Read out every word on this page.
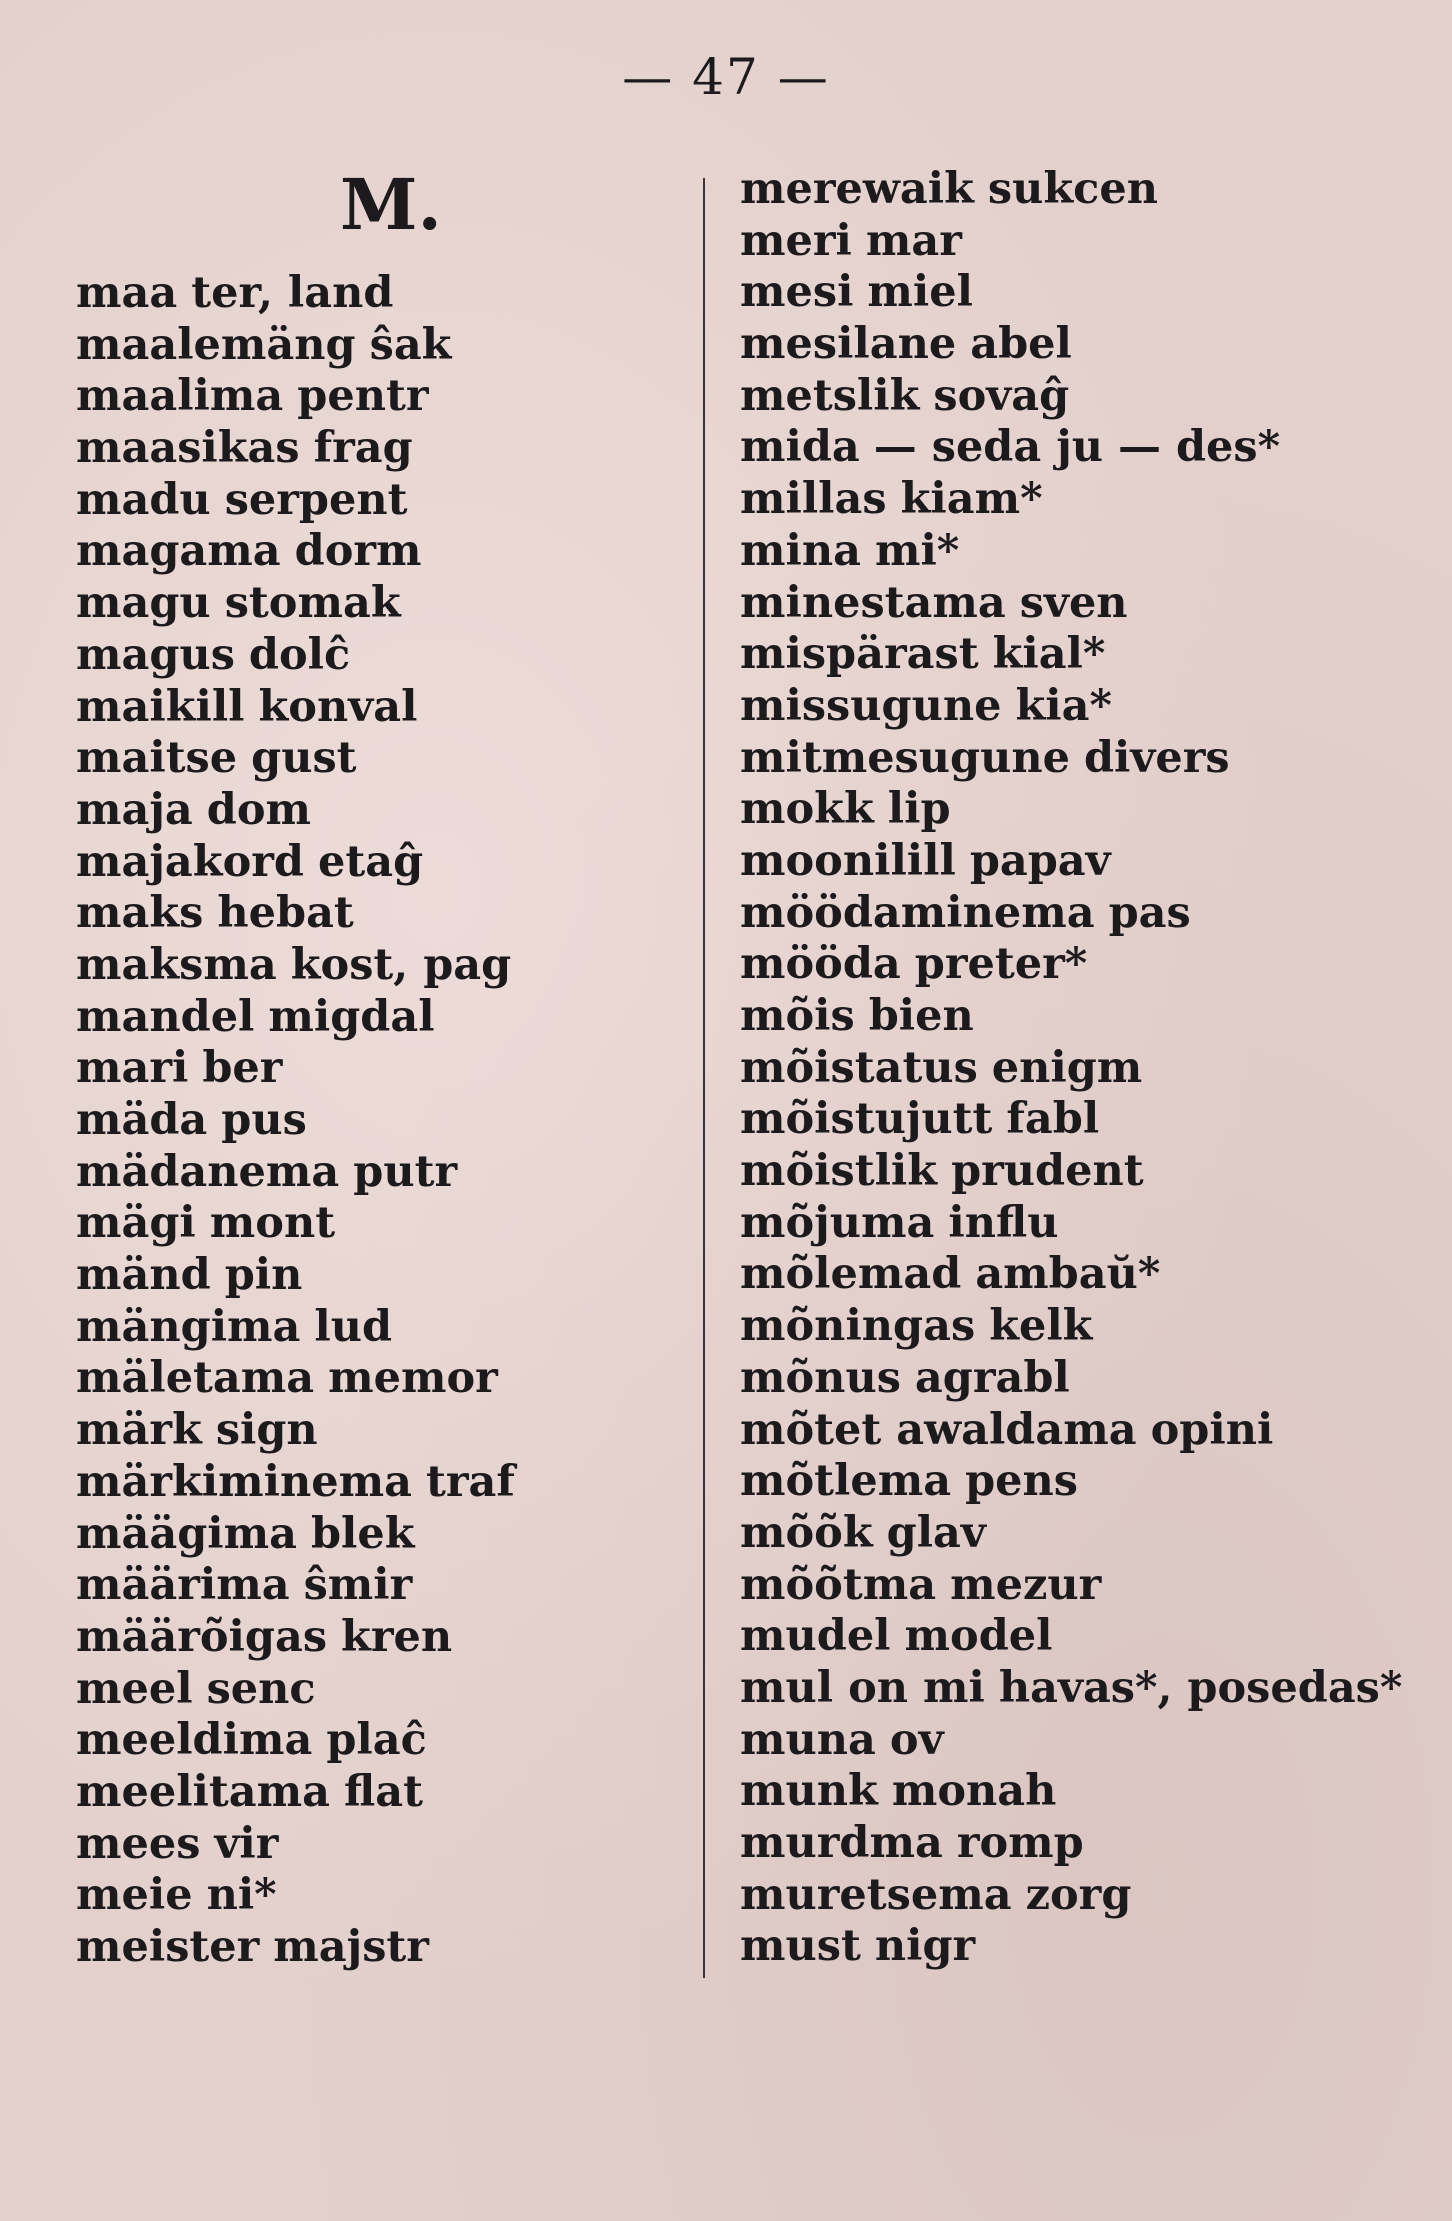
— 47 —
M.
maa ter, land
maalemäng ŝak
maalima pentr
maasikas frag
madu serpent
magama dorm
magu stomak
magus dolĉ
maikill konval
maitse gust
maja dom
majakord etaĝ
maks hebat
maksma kost, pag
mandel migdal
mari ber
mäda pus
mädanema putr
mägi mont
mänd pin
mängima lud
mäletama memor
märk sign
märkiminema traf
määgima blek
määrima ŝmir
määrõigas kren
meel senc
meeldima plaĉ
meelitama flat
mees vir
meie ni*
meister majstr
merewaik sukcen
meri mar
mesi miel
mesilane abel
metslik sovaĝ
mida — seda ju — des*
millas kiam*
mina mi*
minestama sven
mispärast kial*
missugune kia*
mitmesugune divers
mokk lip
moonilill papav
möödaminema pas
mööda preter*
mõis bien
mõistatus enigm
mõistujutt fabl
mõistlik prudent
mõjuma influ
mõlemad ambaŭ*
mõningas kelk
mõnus agrabl
mõtet awaldama opini
mõtlema pens
mõõk glav
mõõtma mezur
mudel model
mul on mi havas*, posedas*
muna ov
munk monah
murdma romp
muretsema zorg
must nigr
